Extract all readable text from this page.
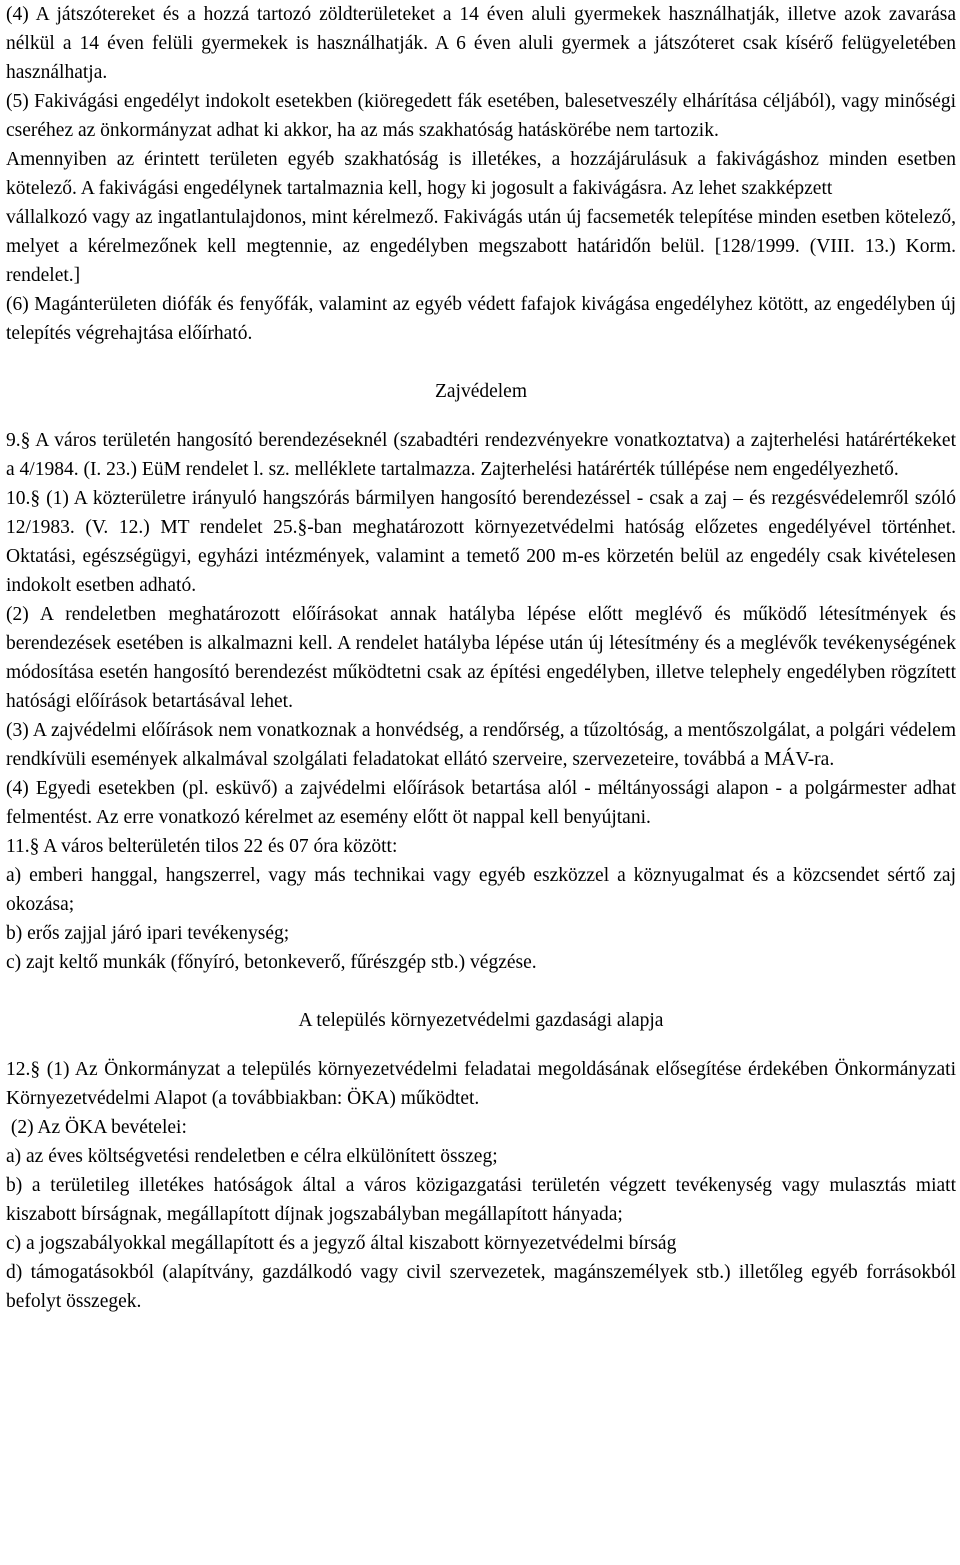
(4) A játszótereket és a hozzá tartozó zöldterületeket a 14 éven aluli gyermekek használhatják, illetve azok zavarása nélkül a 14 éven felüli gyermekek is használhatják. A 6 éven aluli gyermek a játszóteret csak kísérő felügyeletében használhatja.

(5) Fakivágási engedélyt indokolt esetekben (kiöregedett fák esetében, balesetveszély elhárítása céljából), vagy minőségi cseréhez az önkormányzat adhat ki akkor, ha az más szakhatóság hatáskörébe nem tartozik.

Amennyiben az érintett területen egyéb szakhatóság is illetékes, a hozzájárulásuk a fakivágáshoz minden esetben kötelező. A fakivágási engedélynek tartalmaznia kell, hogy ki jogosult a fakivágásra. Az lehet szakképzett

vállalkozó vagy az ingatlantulajdonos, mint kérelmező. Fakivágás után új facsemeték telepítése minden esetben kötelező, melyet a kérelmezőnek kell megtennie, az engedélyben megszabott határidőn belül. [128/1999. (VIII. 13.) Korm. rendelet.]

(6) Magánterületen diófák és fenyőfák, valamint az egyéb védett fafajok kivágása engedélyhez kötött, az engedélyben új telepítés végrehajtása előírható.

Zajvédelem

9.§ A város területén hangosító berendezéseknél (szabadtéri rendezvényekre vonatkoztatva) a zajterhelési határértékeket a 4/1984. (I. 23.) EüM rendelet l. sz. melléklete tartalmazza. Zajterhelési határérték túllépése nem engedélyezhető.

10.§ (1) A közterületre irányuló hangszórás bármilyen hangosító berendezéssel - csak a zaj – és rezgésvédelemről szóló 12/1983. (V. 12.) MT rendelet 25.§-ban meghatározott környezetvédelmi hatóság előzetes engedélyével történhet. Oktatási, egészségügyi, egyházi intézmények, valamint a temető 200 m-es körzetén belül az engedély csak kivételesen indokolt esetben adható.

(2) A rendeletben meghatározott előírásokat annak hatályba lépése előtt meglévő és működő létesítmények és berendezések esetében is alkalmazni kell. A rendelet hatályba lépése után új létesítmény és a meglévők tevékenységének módosítása esetén hangosító berendezést működtetni csak az építési engedélyben, illetve telephely engedélyben rögzített hatósági előírások betartásával lehet.

(3) A zajvédelmi előírások nem vonatkoznak a honvédség, a rendőrség, a tűzoltóság, a mentőszolgálat, a polgári védelem rendkívüli események alkalmával szolgálati feladatokat ellátó szerveire, szervezeteire, továbbá a MÁV-ra.

(4) Egyedi esetekben (pl. esküvő) a zajvédelmi előírások betartása alól - méltányossági alapon - a polgármester adhat felmentést. Az erre vonatkozó kérelmet az esemény előtt öt nappal kell benyújtani.

11.§ A város belterületén tilos 22 és 07 óra között:

a) emberi hanggal, hangszerrel, vagy más technikai vagy egyéb eszközzel a köznyugalmat és a közcsendet sértő zaj okozása;

b) erős zajjal járó ipari tevékenység;

c) zajt keltő munkák (főnyíró, betonkeverő, fűrészgép stb.) végzése.

A település környezetvédelmi gazdasági alapja

12.§ (1) Az Önkormányzat a település környezetvédelmi feladatai megoldásának elősegítése érdekében Önkormányzati Környezetvédelmi Alapot (a továbbiakban: ÖKA) működtet.

(2) Az ÖKA bevételei:

a) az éves költségvetési rendeletben e célra elkülönített összeg;

b) a területileg illetékes hatóságok által a város közigazgatási területén végzett tevékenység vagy mulasztás miatt kiszabott bírságnak, megállapított díjnak jogszabályban megállapított hányada;

c) a jogszabályokkal megállapított és a jegyző által kiszabott környezetvédelmi bírság

d) támogatásokból (alapítvány, gazdálkodó vagy civil szervezetek, magánszemélyek stb.) illetőleg egyéb forrásokból befolyt összegek.
